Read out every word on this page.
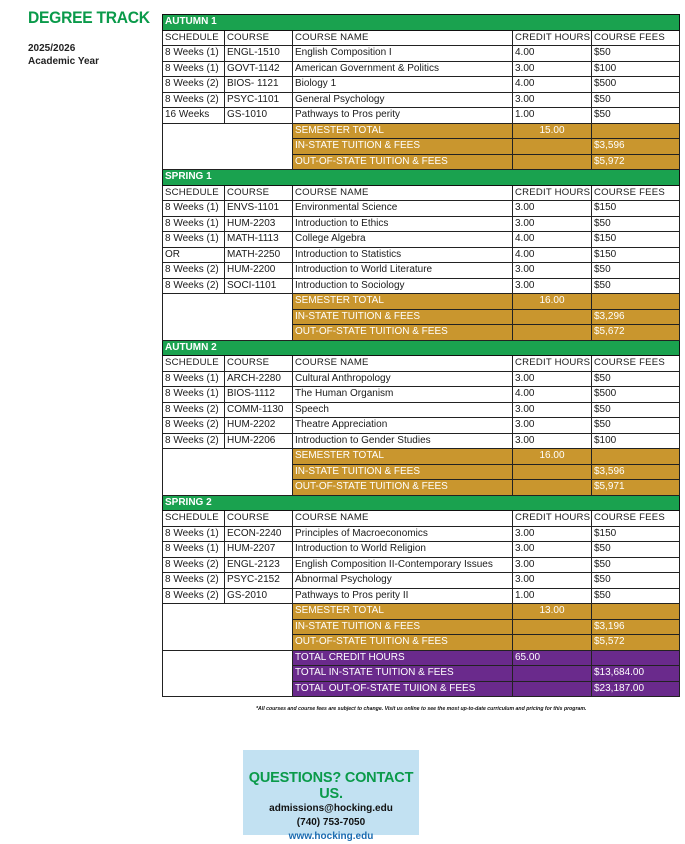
DEGREE TRACK
2025/2026
Academic Year
AUTUMN 1				
SCHEDULE	COURSE	COURSE NAME	CREDIT HOURS	COURSE FEES
8 Weeks (1)	ENGL-1510	English Composition I	4.00	$50
8 Weeks (1)	GOVT-1142	American Government & Politics	3.00	$100
8 Weeks (2)	BIOS- 1121	Biology 1	4.00	$500
8 Weeks (2)	PSYC-1101	General Psychology	3.00	$50
16 Weeks	GS-1010	Pathways to Pros perity	1.00	$50
		SEMESTER TOTAL	15.00	
		IN-STATE TUITION & FEES		$3,596
		OUT-OF-STATE TUITION & FEES		$5,972
SPRING 1				
SCHEDULE	COURSE	COURSE NAME	CREDIT HOURS	COURSE FEES
8 Weeks (1)	ENVS-1101	Environmental Science	3.00	$150
8 Weeks (1)	HUM-2203	Introduction to Ethics	3.00	$50
8 Weeks (1)	MATH-1113	College Algebra	4.00	$150
OR	MATH-2250	Introduction to Statistics	4.00	$150
8 Weeks (2)	HUM-2200	Introduction to World Literature	3.00	$50
8 Weeks (2)	SOCI-1101	Introduction to Sociology	3.00	$50
		SEMESTER TOTAL	16.00	
		IN-STATE TUITION & FEES		$3,296
		OUT-OF-STATE TUITION & FEES		$5,672
AUTUMN 2				
SCHEDULE	COURSE	COURSE NAME	CREDIT HOURS	COURSE FEES
8 Weeks (1)	ARCH-2280	Cultural Anthropology	3.00	$50
8 Weeks (1)	BIOS-1112	The Human Organism	4.00	$500
8 Weeks (2)	COMM-1130	Speech	3.00	$50
8 Weeks (2)	HUM-2202	Theatre Appreciation	3.00	$50
8 Weeks (2)	HUM-2206	Introduction to Gender Studies	3.00	$100
		SEMESTER TOTAL	16.00	
		IN-STATE TUITION & FEES		$3,596
		OUT-OF-STATE TUITION & FEES		$5,971
SPRING 2				
SCHEDULE	COURSE	COURSE NAME	CREDIT HOURS	COURSE FEES
8 Weeks (1)	ECON-2240	Principles of Macroeconomics	3.00	$150
8 Weeks (1)	HUM-2207	Introduction to World Religion	3.00	$50
8 Weeks (2)	ENGL-2123	English Composition II-Contemporary Issues	3.00	$50
8 Weeks (2)	PSYC-2152	Abnormal Psychology	3.00	$50
8 Weeks (2)	GS-2010	Pathways to Pros perity II	1.00	$50
		SEMESTER TOTAL	13.00	
		IN-STATE TUITION & FEES		$3,196
		OUT-OF-STATE TUITION & FEES		$5,572
		TOTAL CREDIT HOURS	65.00	
		TOTAL IN-STATE TUITION & FEES		$13,684.00
		TOTAL OUT-OF-STATE TUIION & FEES		$23,187.00
*All courses and course fees are subject to change. Visit us online to see the most up-to-date curriculum and pricing for this program.
QUESTIONS? CONTACT US.
admissions@hocking.edu
(740) 753-7050
www.hocking.edu
